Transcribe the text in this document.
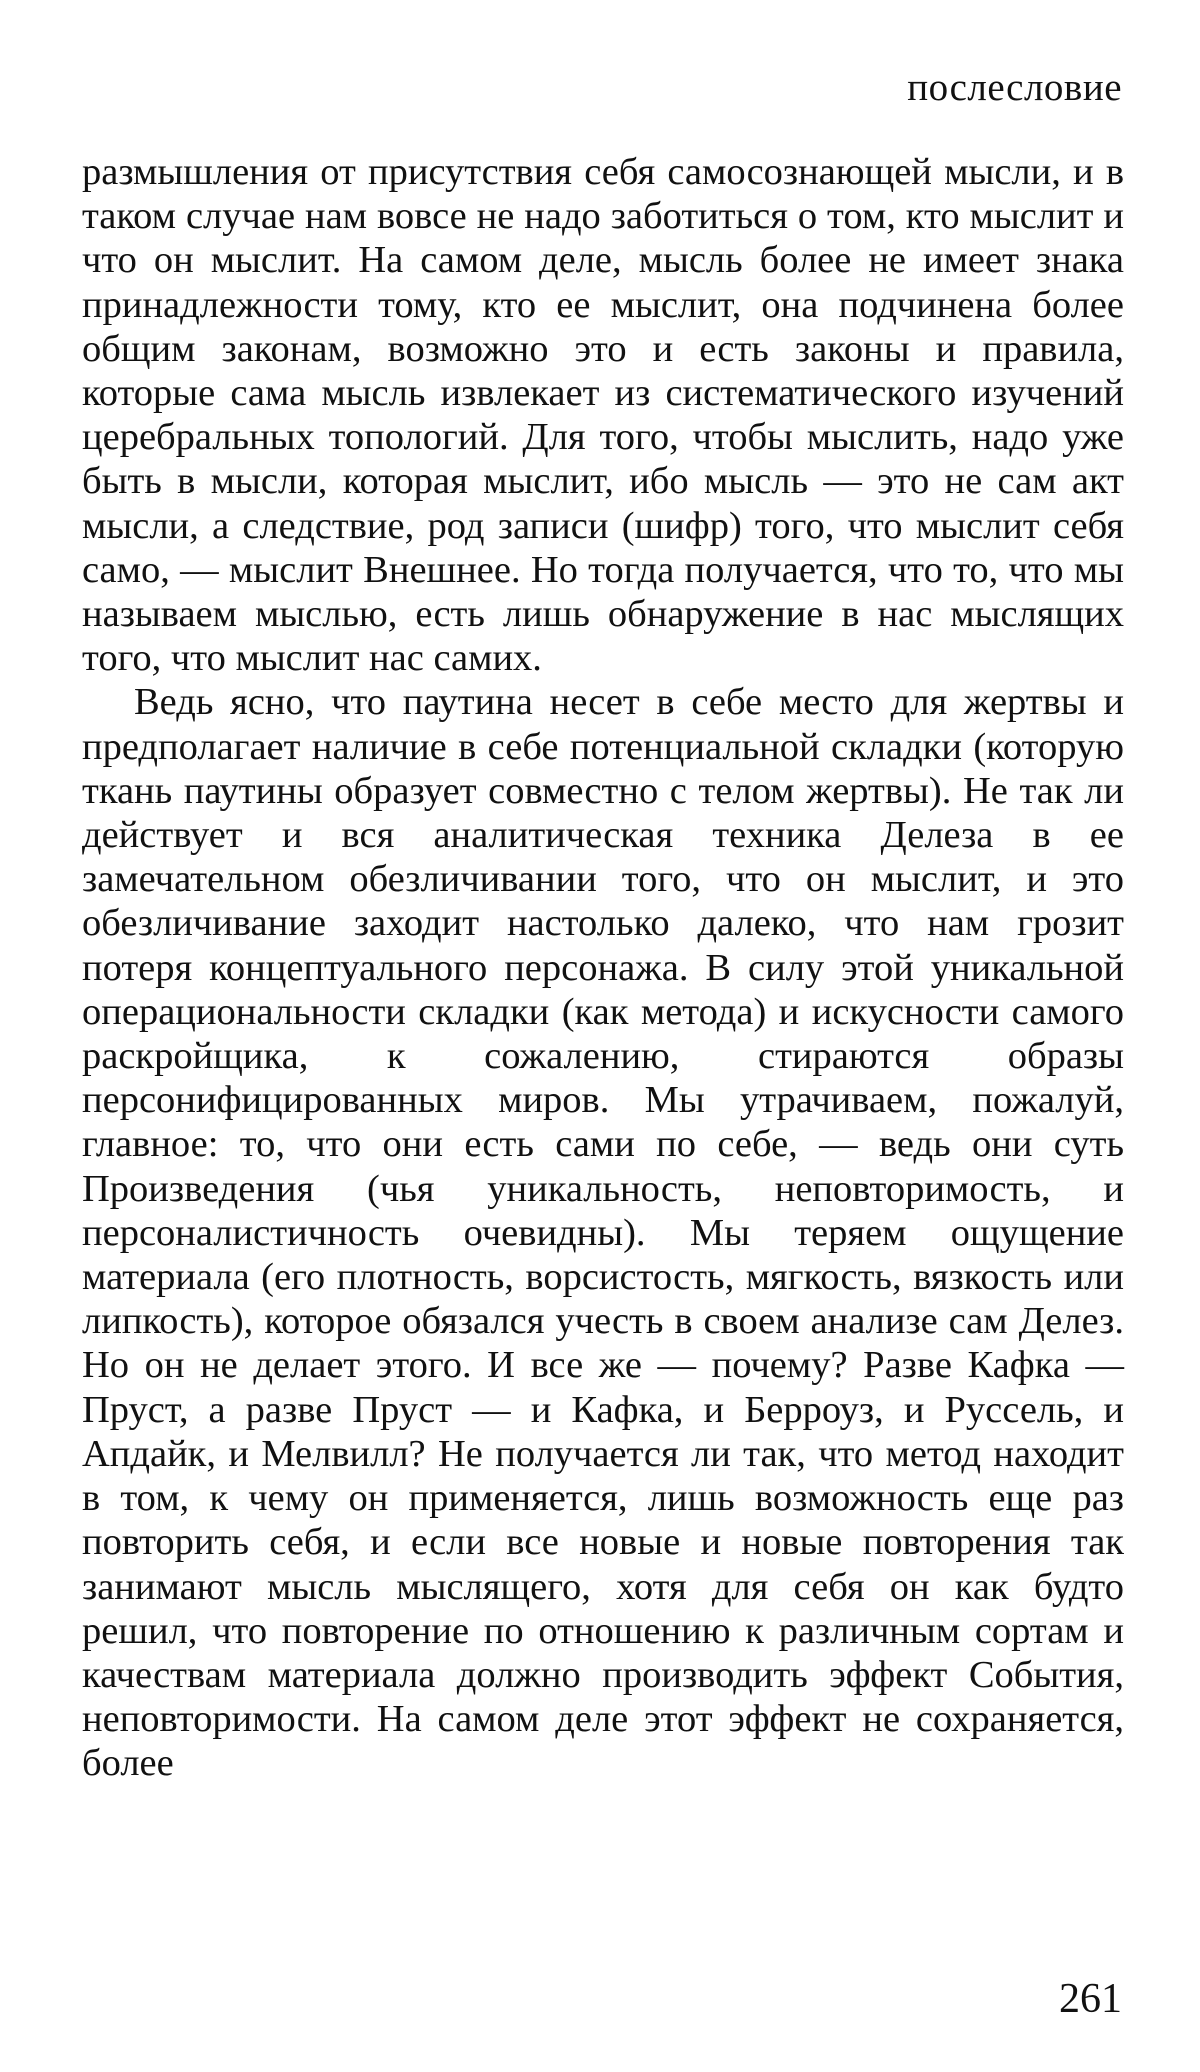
послесловие

размышления от присутствия себя самосознающей мысли, и в таком случае нам вовсе не надо заботиться о том, кто мыслит и что он мыслит. На самом деле, мысль более не имеет знака принадлежности тому, кто ее мыслит, она подчинена более общим законам, возможно это и есть законы и правила, которые сама мысль извлекает из систематического изучений церебральных топологий. Для того, чтобы мыслить, надо уже быть в мысли, которая мыслит, ибо мысль — это не сам акт мысли, а следствие, род записи (шифр) того, что мыслит себя само, — мыслит Внешнее. Но тогда получается, что то, что мы называем мыслью, есть лишь обнаружение в нас мыслящих того, что мыслит нас самих.

Ведь ясно, что паутина несет в себе место для жертвы и предполагает наличие в себе потенциальной складки (которую ткань паутины образует совместно с телом жертвы). Не так ли действует и вся аналитическая техника Делеза в ее замечательном обезличивании того, что он мыслит, и это обезличивание заходит настолько далеко, что нам грозит потеря концептуального персонажа. В силу этой уникальной операциональности складки (как метода) и искусности самого раскройщика, к сожалению, стираются образы персонифицированных миров. Мы утрачиваем, пожалуй, главное: то, что они есть сами по себе, — ведь они суть Произведения (чья уникальность, неповторимость, и персоналистичность очевидны). Мы теряем ощущение материала (его плотность, ворсистость, мягкость, вязкость или липкость), которое обязался учесть в своем анализе сам Делез. Но он не делает этого. И все же — почему? Разве Кафка — Пруст, а разве Пруст — и Кафка, и Берроуз, и Руссель, и Апдайк, и Мелвилл? Не получается ли так, что метод находит в том, к чему он применяется, лишь возможность еще раз повторить себя, и если все новые и новые повторения так занимают мысль мыслящего, хотя для себя он как будто решил, что повторение по отношению к различным сортам и качествам материала должно производить эффект События, неповторимости. На самом деле этот эффект не сохраняется, более

261
